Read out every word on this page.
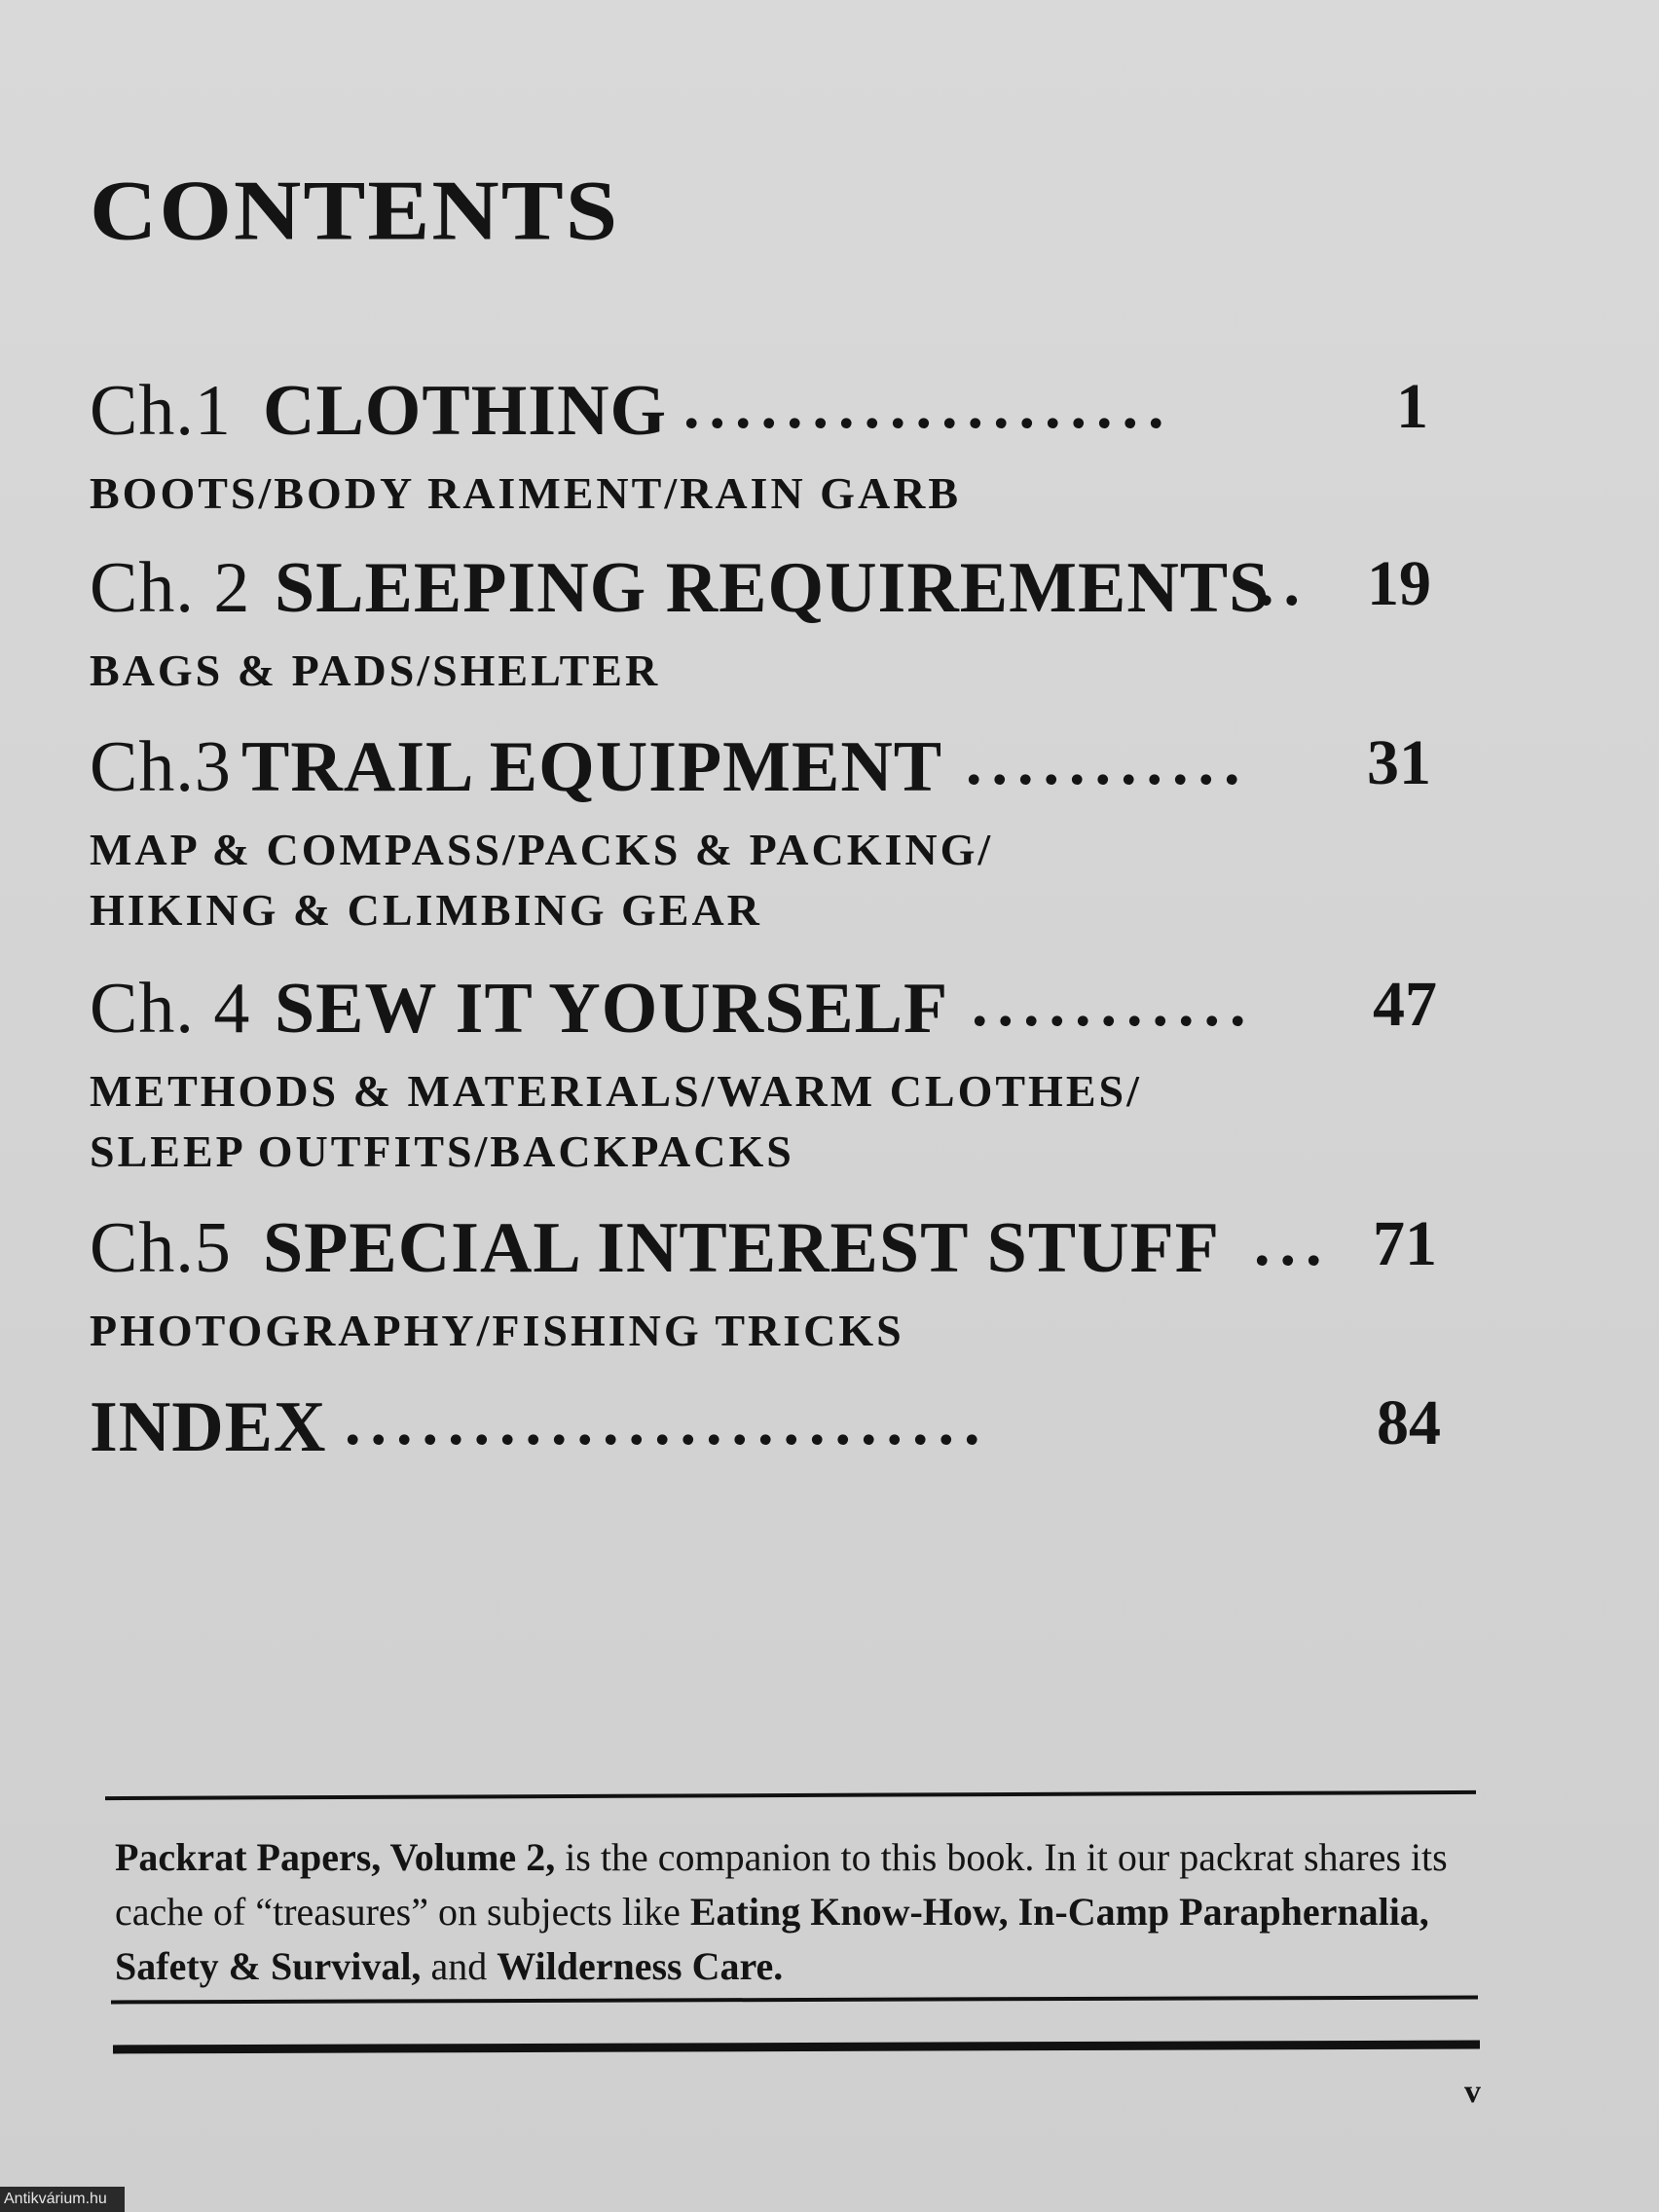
CONTENTS
Ch.1 CLOTHING ...................	1
BOOTS/BODY RAIMENT/RAIN GARB
Ch. 2 SLEEPING REQUIREMENTS
.. 19
BAGS & PADS/SHELTER
Ch.3 TRAIL EQUIPMENT ........... 31
MAP & COMPASS/PACKS & PACKING/
HIKING & CLIMBING GEAR
Ch. 4 SEW IT YOURSELF ........... 47
METHODS & MATERIALS/WARM CLOTHES/
SLEEP OUTFITS/BACKPACKS
Ch.5 SPECIAL INTEREST STUFF ... 71
PHOTOGRAPHY/FISHING TRICKS
INDEX .........................	84
Packrat Papers, Volume 2, is the companion to this book. In it our packrat shares its cache of “treasures” on subjects like Eating Know-How, In-Camp Paraphernalia, Safety & Survival, and Wilderness Care.
v
Antikvárium.hu
